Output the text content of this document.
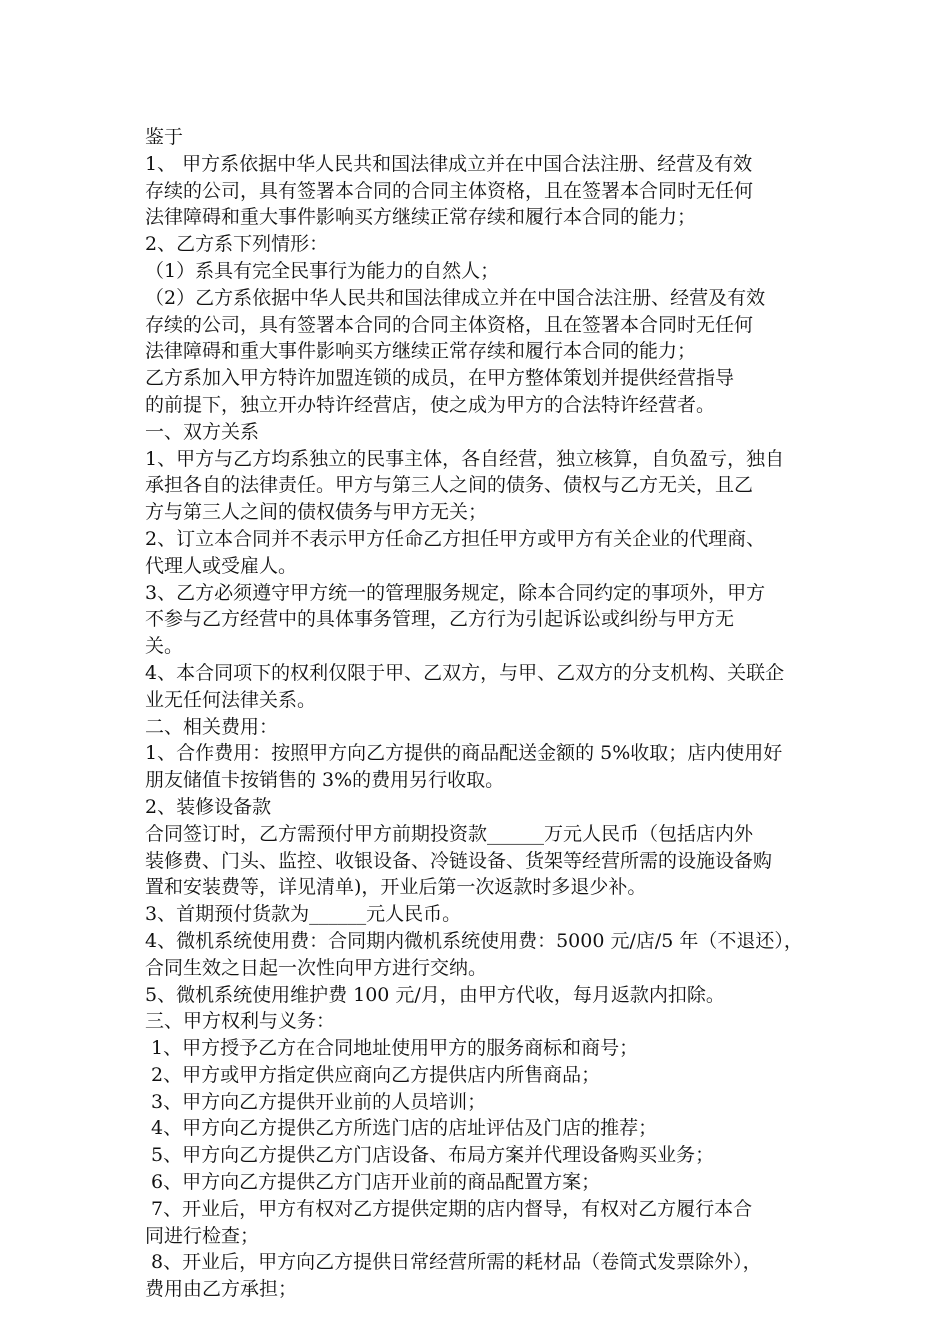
鉴于
1、 甲方系依据中华人民共和国法律成立并在中国合法注册、经营及有效
存续的公司，具有签署本合同的合同主体资格，且在签署本合同时无任何
法律障碍和重大事件影响买方继续正常存续和履行本合同的能力；
2、乙方系下列情形：
（1）系具有完全民事行为能力的自然人；
（2）乙方系依据中华人民共和国法律成立并在中国合法注册、经营及有效
存续的公司，具有签署本合同的合同主体资格，且在签署本合同时无任何
法律障碍和重大事件影响买方继续正常存续和履行本合同的能力；
乙方系加入甲方特许加盟连锁的成员，在甲方整体策划并提供经营指导
的前提下，独立开办特许经营店，使之成为甲方的合法特许经营者。
一、双方关系
1、甲方与乙方均系独立的民事主体，各自经营，独立核算，自负盈亏，独自
承担各自的法律责任。甲方与第三人之间的债务、债权与乙方无关，且乙
方与第三人之间的债权债务与甲方无关；
2、订立本合同并不表示甲方任命乙方担任甲方或甲方有关企业的代理商、
代理人或受雇人。
3、乙方必须遵守甲方统一的管理服务规定，除本合同约定的事项外，甲方
不参与乙方经营中的具体事务管理，乙方行为引起诉讼或纠纷与甲方无
关。
4、本合同项下的权利仅限于甲、乙双方，与甲、乙双方的分支机构、关联企
业无任何法律关系。
二、相关费用：
1、合作费用：按照甲方向乙方提供的商品配送金额的 5%收取；店内使用好
朋友储值卡按销售的 3%的费用另行收取。
2、装修设备款
合同签订时，乙方需预付甲方前期投资款______万元人民币（包括店内外
装修费、门头、监控、收银设备、冷链设备、货架等经营所需的设施设备购
置和安装费等，详见清单)，开业后第一次返款时多退少补。
3、首期预付货款为______元人民币。
4、微机系统使用费：合同期内微机系统使用费：5000 元/店/5 年（不退还），
合同生效之日起一次性向甲方进行交纳。
5、微机系统使用维护费 100 元/月，由甲方代收，每月返款内扣除。
三、甲方权利与义务：
1、甲方授予乙方在合同地址使用甲方的服务商标和商号；
2、甲方或甲方指定供应商向乙方提供店内所售商品；
3、甲方向乙方提供开业前的人员培训；
4、甲方向乙方提供乙方所选门店的店址评估及门店的推荐；
5、甲方向乙方提供乙方门店设备、布局方案并代理设备购买业务；
6、甲方向乙方提供乙方门店开业前的商品配置方案；
7、开业后，甲方有权对乙方提供定期的店内督导，有权对乙方履行本合
同进行检查；
8、开业后，甲方向乙方提供日常经营所需的耗材品（卷筒式发票除外），
费用由乙方承担；
